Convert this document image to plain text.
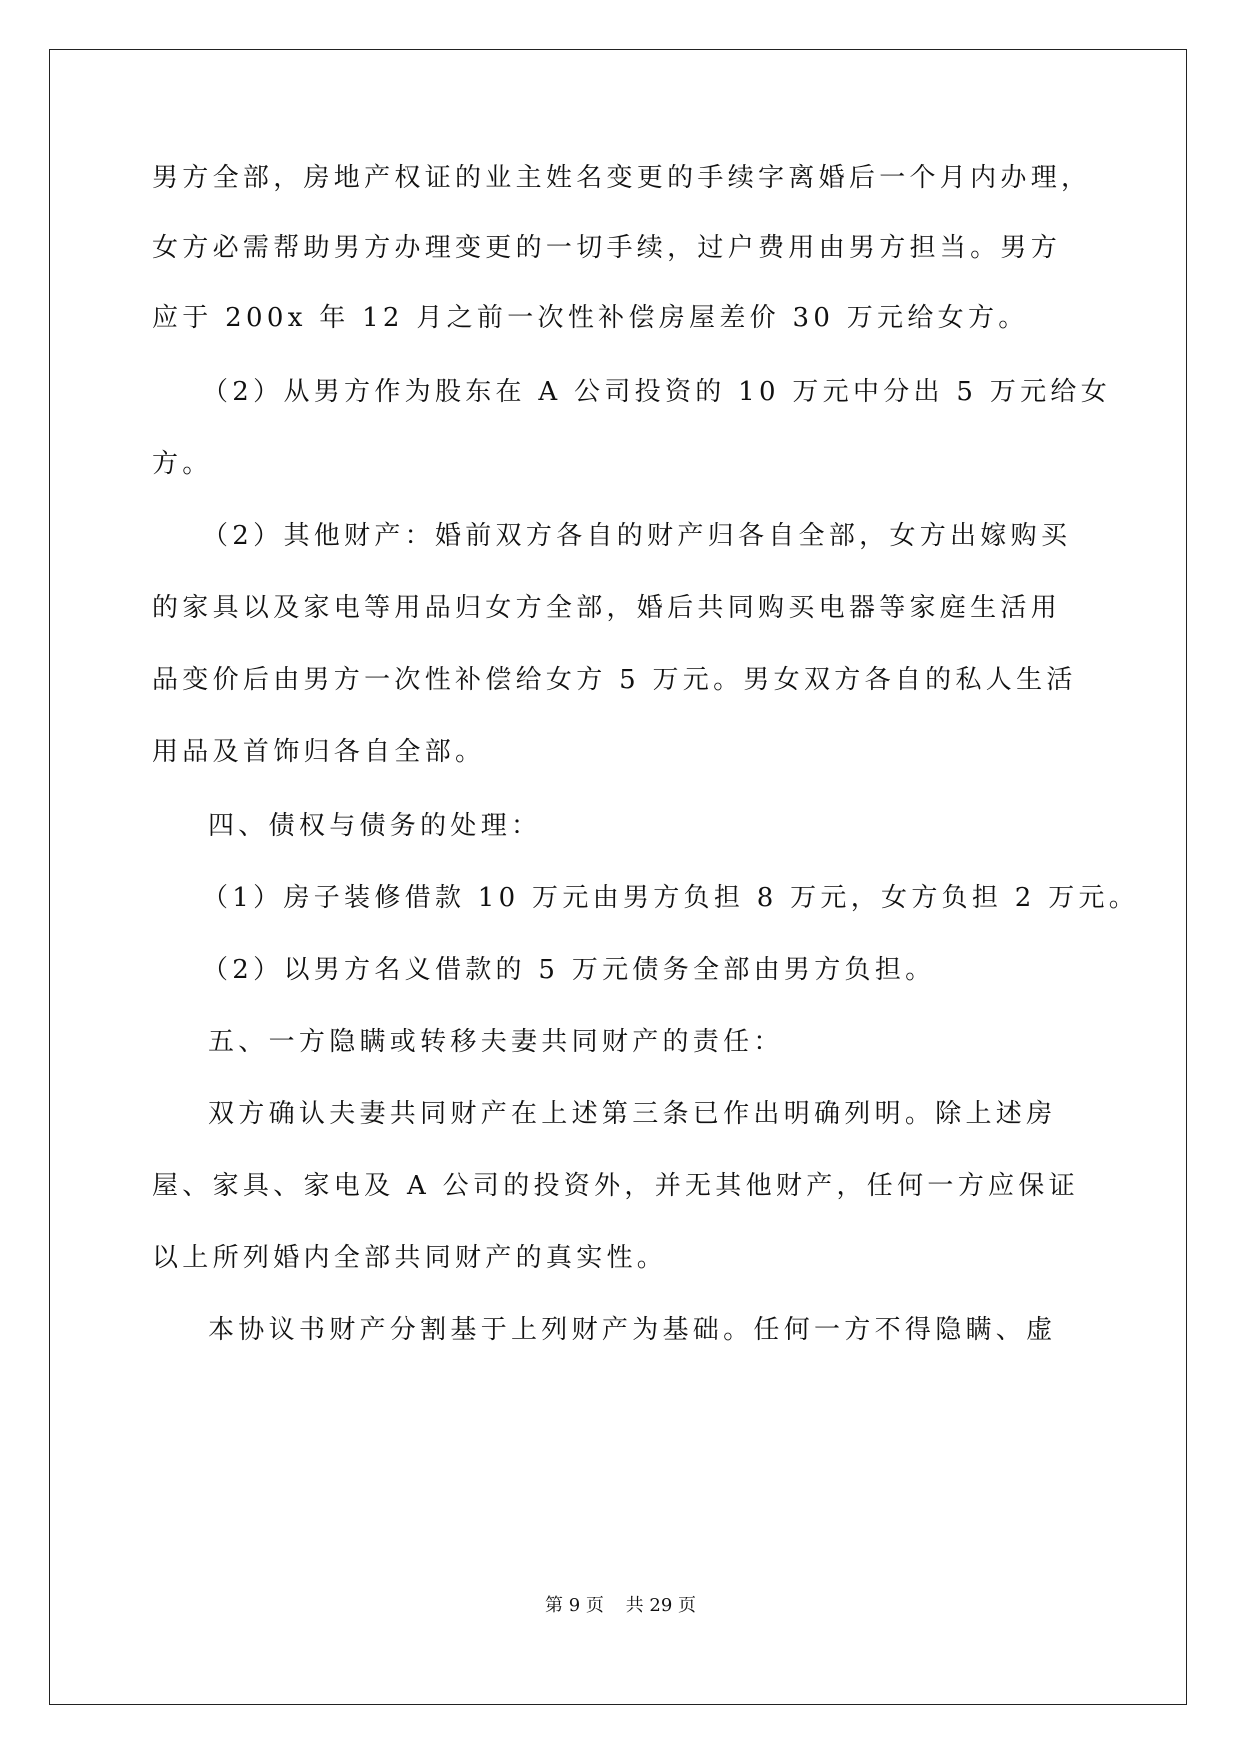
男方全部，房地产权证的业主姓名变更的手续字离婚后一个月内办理，
女方必需帮助男方办理变更的一切手续，过户费用由男方担当。男方
应于 200x 年 12 月之前一次性补偿房屋差价 30 万元给女方。
（2）从男方作为股东在 A 公司投资的 10 万元中分出 5 万元给女
方。
（2）其他财产：婚前双方各自的财产归各自全部，女方出嫁购买
的家具以及家电等用品归女方全部，婚后共同购买电器等家庭生活用
品变价后由男方一次性补偿给女方 5 万元。男女双方各自的私人生活
用品及首饰归各自全部。
四、债权与债务的处理：
（1）房子装修借款 10 万元由男方负担 8 万元，女方负担 2 万元。
（2）以男方名义借款的 5 万元债务全部由男方负担。
五、一方隐瞒或转移夫妻共同财产的责任：
双方确认夫妻共同财产在上述第三条已作出明确列明。除上述房
屋、家具、家电及 A 公司的投资外，并无其他财产，任何一方应保证
以上所列婚内全部共同财产的真实性。
本协议书财产分割基于上列财产为基础。任何一方不得隐瞒、虚
第 9 页 共 29 页
